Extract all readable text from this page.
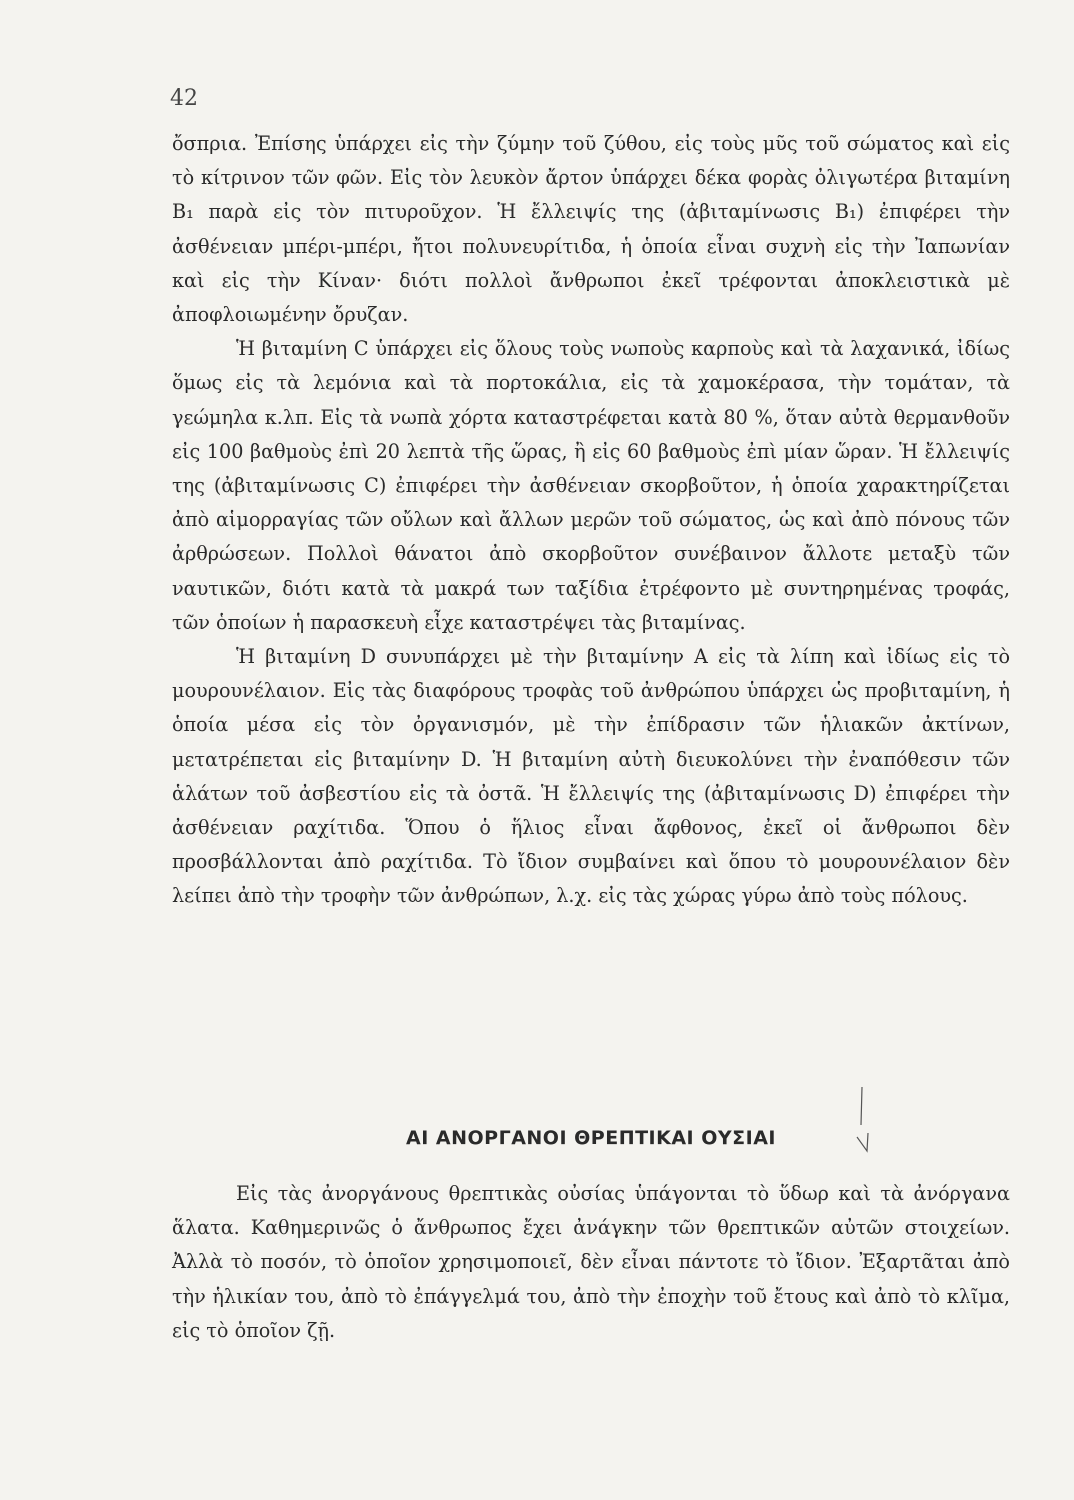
42

ὄσπρια. Ἐπίσης ὑπάρχει εἰς τὴν ζύμην τοῦ ζύθου, εἰς τοὺς μῦς τοῦ σώματος καὶ εἰς τὸ κίτρινον τῶν φῶν. Εἰς τὸν λευκὸν ἄρτον ὑπάρχει δέκα φορὰς ὀλιγωτέρα βιταμίνη B₁ παρὰ εἰς τὸν πιτυροῦχον. Ἡ ἔλλειψίς της (ἀβιταμίνωσις B₁) ἐπιφέρει τὴν ἀσθένειαν μπέρι-μπέρι, ἤτοι πολυνευρίτιδα, ἡ ὁποία εἶναι συχνὴ εἰς τὴν Ἰαπωνίαν καὶ εἰς τὴν Κίναν· διότι πολλοὶ ἄνθρωποι ἐκεῖ τρέφονται ἀποκλειστικὰ μὲ ἀποφλοιωμένην ὄρυζαν.

Ἡ βιταμίνη C ὑπάρχει εἰς ὅλους τοὺς νωποὺς καρποὺς καὶ τὰ λαχανικά, ἰδίως ὅμως εἰς τὰ λεμόνια καὶ τὰ πορτοκάλια, εἰς τὰ χαμοκέρασα, τὴν τομάταν, τὰ γεώμηλα κ.λπ. Εἰς τὰ νωπὰ χόρτα καταστρέφεται κατὰ 80 %, ὅταν αὐτὰ θερμανθοῦν εἰς 100 βαθμοὺς ἐπὶ 20 λεπτὰ τῆς ὥρας, ἢ εἰς 60 βαθμοὺς ἐπὶ μίαν ὥραν. Ἡ ἔλλειψίς της (ἀβιταμίνωσις C) ἐπιφέρει τὴν ἀσθένειαν σκορβοῦτον, ἡ ὁποία χαρακτηρίζεται ἀπὸ αἱμορραγίας τῶν οὔλων καὶ ἄλλων μερῶν τοῦ σώματος, ὡς καὶ ἀπὸ πόνους τῶν ἀρθρώσεων. Πολλοὶ θάνατοι ἀπὸ σκορβοῦτον συνέβαινον ἄλλοτε μεταξὺ τῶν ναυτικῶν, διότι κατὰ τὰ μακρά των ταξίδια ἐτρέφοντο μὲ συντηρημένας τροφάς, τῶν ὁποίων ἡ παρασκευὴ εἶχε καταστρέψει τὰς βιταμίνας.

Ἡ βιταμίνη D συνυπάρχει μὲ τὴν βιταμίνην A εἰς τὰ λίπη καὶ ἰδίως εἰς τὸ μουρουνέλαιον. Εἰς τὰς διαφόρους τροφὰς τοῦ ἀνθρώπου ὑπάρχει ὡς προβιταμίνη, ἡ ὁποία μέσα εἰς τὸν ὀργανισμόν, μὲ τὴν ἐπίδρασιν τῶν ἡλιακῶν ἀκτίνων, μετατρέπεται εἰς βιταμίνην D. Ἡ βιταμίνη αὐτὴ διευκολύνει τὴν ἐναπόθεσιν τῶν ἁλάτων τοῦ ἀσβεστίου εἰς τὰ ὀστᾶ. Ἡ ἔλλειψίς της (ἀβιταμίνωσις D) ἐπιφέρει τὴν ἀσθένειαν ραχίτιδα. Ὅπου ὁ ἥλιος εἶναι ἄφθονος, ἐκεῖ οἱ ἄνθρωποι δὲν προσβάλλονται ἀπὸ ραχίτιδα. Τὸ ἴδιον συμβαίνει καὶ ὅπου τὸ μουρουνέλαιον δὲν λείπει ἀπὸ τὴν τροφὴν τῶν ἀνθρώπων, λ.χ. εἰς τὰς χώρας γύρω ἀπὸ τοὺς πόλους.

ΑΙ ΑΝΟΡΓΑΝΟΙ ΘΡΕΠΤΙΚΑΙ ΟΥΣΙΑΙ

Εἰς τὰς ἀνοργάνους θρεπτικὰς οὐσίας ὑπάγονται τὸ ὕδωρ καὶ τὰ ἀνόργανα ἅλατα. Καθημερινῶς ὁ ἄνθρωπος ἔχει ἀνάγκην τῶν θρεπτικῶν αὐτῶν στοιχείων. Ἀλλὰ τὸ ποσόν, τὸ ὁποῖον χρησιμοποιεῖ, δὲν εἶναι πάντοτε τὸ ἴδιον. Ἐξαρτᾶται ἀπὸ τὴν ἡλικίαν του, ἀπὸ τὸ ἐπάγγελμά του, ἀπὸ τὴν ἐποχὴν τοῦ ἔτους καὶ ἀπὸ τὸ κλῖμα, εἰς τὸ ὁποῖον ζῇ.
